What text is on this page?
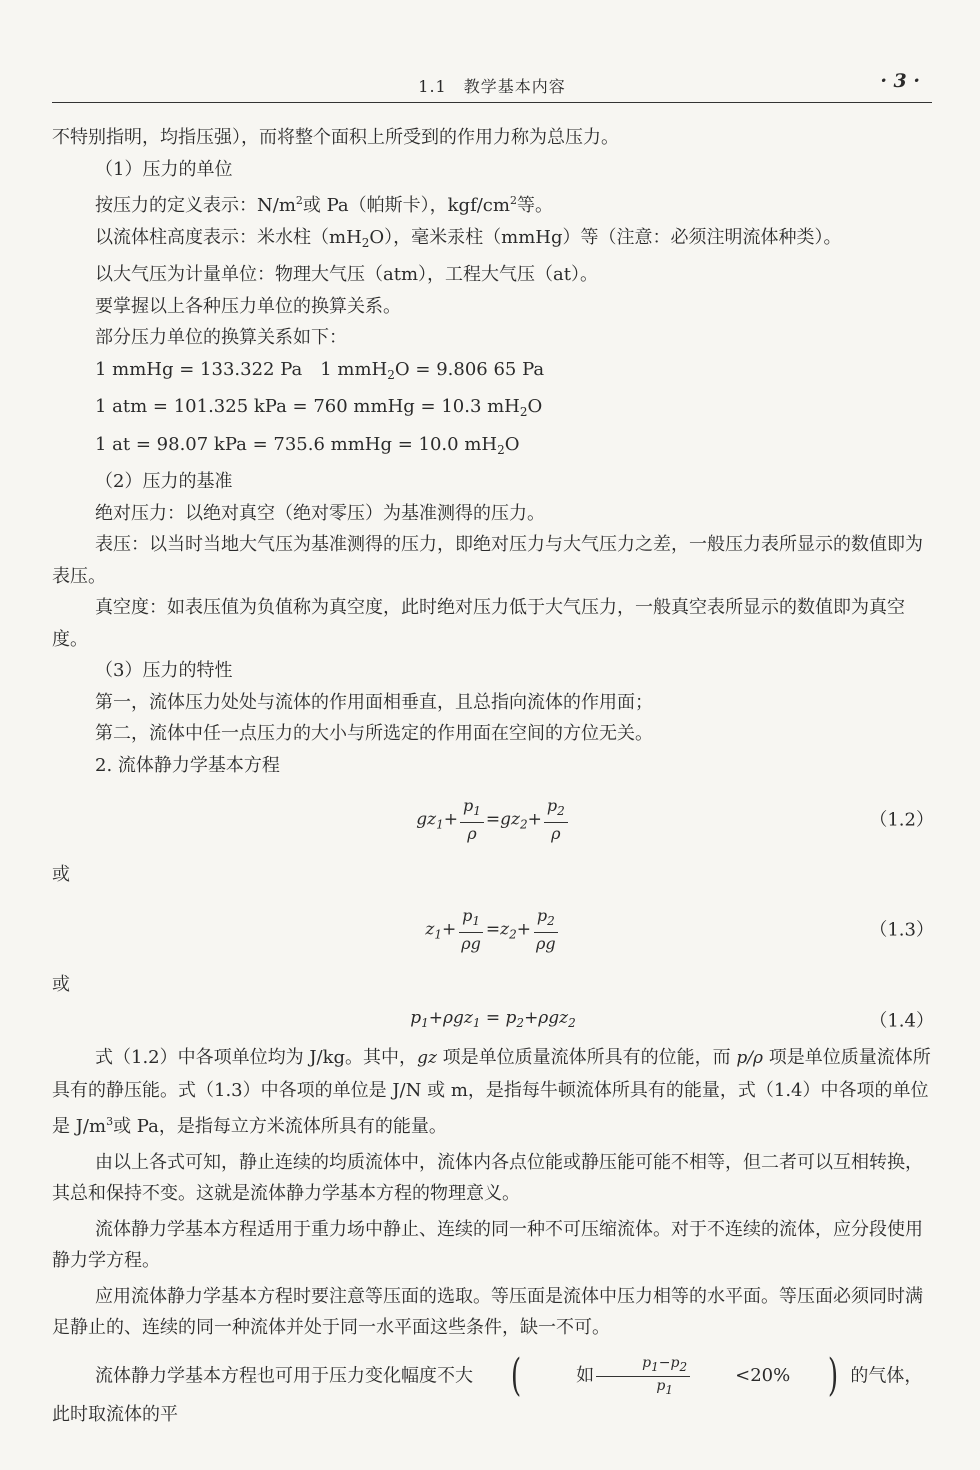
1.1　教学基本内容	· 3 ·

不特别指明，均指压强），而将整个面积上所受到的作用力称为总压力。

（1）压力的单位

按压力的定义表示：$N/m^2$或 Pa（帕斯卡），kgf/$cm^2$等。

以流体柱高度表示：米水柱$(mH_2O)$，毫米汞柱（mmHg）等（注意：必须注明流体种类）。

以大气压为计量单位：物理大气压（atm），工程大气压（at）。

要掌握以上各种压力单位的换算关系。

部分压力单位的换算关系如下：

1 mmHg = 133.322 Pa　1 mmH$_2$O = 9.806 65 Pa

1 atm = 101.325 kPa = 760 mmHg = 10.3 $mH_2O$

1 at = 98.07 kPa = 735.6 mmHg = 10.0 $mH_2O$

（2）压力的基准

绝对压力：以绝对真空（绝对零压）为基准测得的压力。

表压：以当时当地大气压为基准测得的压力，即绝对压力与大气压力之差，一般压力表所显示的数值即为表压。

真空度：如表压值为负值称为真空度，此时绝对压力低于大气压力，一般真空表所显示的数值即为真空度。

（3）压力的特性

第一，流体压力处处与流体的作用面相垂直，且总指向流体的作用面；

第二，流体中任一点压力的大小与所选定的作用面在空间的方位无关。

2. 流体静力学基本方程

$gz_1+ \frac{p_1}{\rho} =gz_2+ \frac{p_2}{\rho}$	（1.2）

或

$z_1+ \frac{p_1}{\rho g} =z_2+ \frac{p_2}{\rho g}$	（1.3）

或

$p_1+\rho gz_1 = p_2+\rho gz_2$	（1.4）

式（1.2）中各项单位均为 J/kg。其中，gz 项是单位质量流体所具有的位能，而 p/ρ 项是单位质量流体所具有的静压能。式（1.3）中各项的单位是 J/N 或 m，是指每牛顿流体所具有的能量，式（1.4）中各项的单位是 $J/m^3$或 Pa，是指每立方米流体所具有的能量。

由以上各式可知，静止连续的均质流体中，流体内各点位能或静压能可能不相等，但二者可以互相转换，其总和保持不变。这就是流体静力学基本方程的物理意义。

流体静力学基本方程适用于重力场中静止、连续的同一种不可压缩流体。对于不连续的流体，应分段使用静力学方程。

应用流体静力学基本方程时要注意等压面的选取。等压面是流体中压力相等的水平面。等压面必须同时满足静止的、连续的同一种流体并处于同一水平面这些条件，缺一不可。

流体静力学基本方程也可用于压力变化幅度不大 (	如 $\frac{p1-p2}{p1}$	<20% ) 的气体，此时取流体的平
